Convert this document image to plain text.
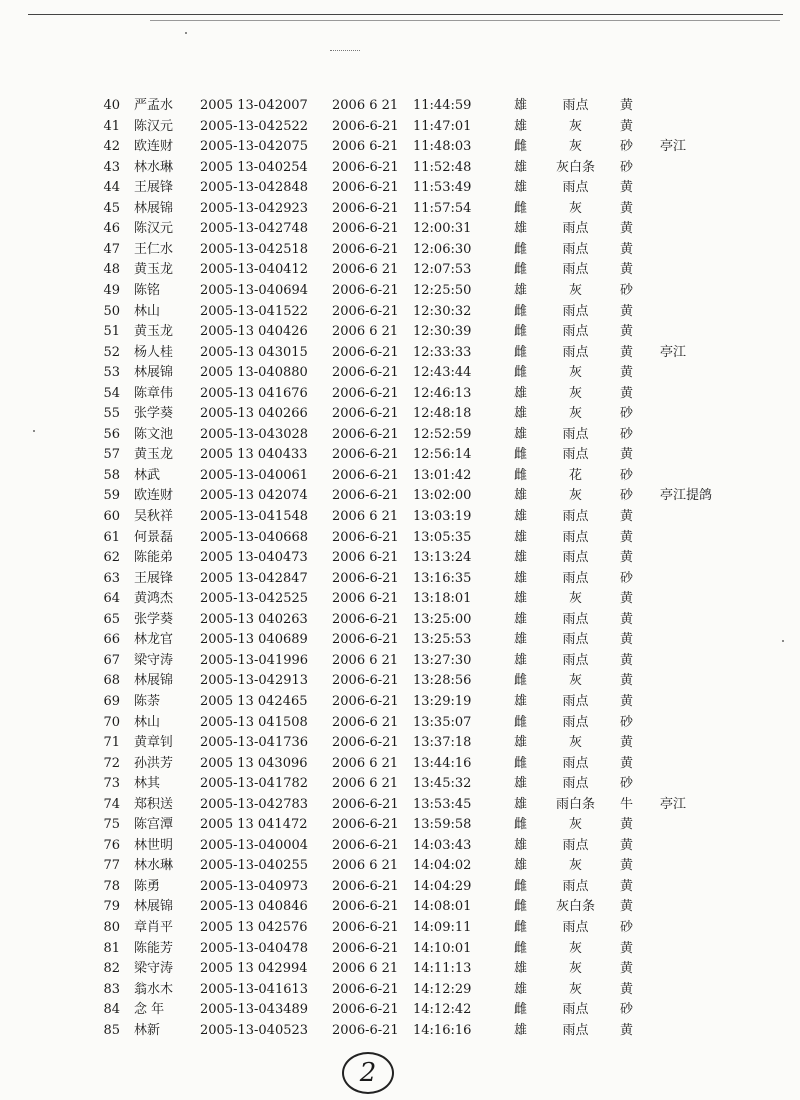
40 严孟水	2005 13-042007	2006 6 21	11:44:59	雄	雨点	黄
41 陈汉元	2005-13-042522	2006-6-21	11:47:01	雄	灰	黄
42 欧连财	2005-13-042075	2006 6-21	11:48:03	雌	灰	砂	亭江
43 林水琳	2005 13-040254	2006-6-21	11:52:48	雄	灰白条	砂
44 王展锋	2005-13-042848	2006-6-21	11:53:49	雄	雨点	黄
45 林展锦	2005-13-042923	2006-6-21	11:57:54	雌	灰	黄
46 陈汉元	2005-13-042748	2006-6-21	12:00:31	雄	雨点	黄
47 王仁水	2005-13-042518	2006-6-21	12:06:30	雌	雨点	黄
48 黄玉龙	2005-13-040412	2006-6 21	12:07:53	雌	雨点	黄
49 陈铭	2005-13-040694	2006-6-21	12:25:50	雄	灰	砂
50 林山	2005-13-041522	2006-6-21	12:30:32	雌	雨点	黄
51 黄玉龙	2005-13 040426	2006 6 21	12:30:39	雌	雨点	黄
52 杨人桂	2005-13 043015	2006-6-21	12:33:33	雌	雨点	黄	亭江
53 林展锦	2005 13-040880	2006-6-21	12:43:44	雌	灰	黄
54 陈章伟	2005-13 041676	2006-6-21	12:46:13	雄	灰	黄
55 张学葵	2005-13 040266	2006-6-21	12:48:18	雄	灰	砂
56 陈文池	2005-13-043028	2006-6-21	12:52:59	雄	雨点	砂
57 黄玉龙	2005 13 040433	2006-6-21	12:56:14	雌	雨点	黄
58 林武	2005-13-040061	2006-6-21	13:01:42	雌	花	砂
59 欧连财	2005-13 042074	2006-6-21	13:02:00	雄	灰	砂	亭江提鸽
60 吴秋祥	2005-13-041548	2006 6 21	13:03:19	雄	雨点	黄
61 何景磊	2005-13-040668	2006-6-21	13:05:35	雄	雨点	黄
62 陈能弟	2005 13-040473	2006 6-21	13:13:24	雄	雨点	黄
63 王展锋	2005 13-042847	2006-6-21	13:16:35	雄	雨点	砂
64 黄鸿杰	2005-13-042525	2006 6-21	13:18:01	雄	灰	黄
65 张学葵	2005-13 040263	2006-6-21	13:25:00	雄	雨点	黄
66 林龙官	2005-13 040689	2006-6-21	13:25:53	雄	雨点	黄
67 梁守涛	2005-13-041996	2006 6 21	13:27:30	雄	雨点	黄
68 林展锦	2005-13-042913	2006-6-21	13:28:56	雌	灰	黄
69 陈荼	2005 13 042465	2006-6-21	13:29:19	雄	雨点	黄
70 林山	2005-13 041508	2006-6 21	13:35:07	雌	雨点	砂
71 黄章钊	2005-13-041736	2006-6-21	13:37:18	雄	灰	黄
72 孙洪芳	2005 13 043096	2006 6 21	13:44:16	雌	雨点	黄
73 林其	2005-13-041782	2006 6 21	13:45:32	雄	雨点	砂
74 郑积送	2005-13-042783	2006-6-21	13:53:45	雄	雨白条	牛	亭江
75 陈宫潭	2005 13 041472	2006-6-21	13:59:58	雌	灰	黄
76 林世明	2005-13-040004	2006-6-21	14:03:43	雄	雨点	黄
77 林水琳	2005-13-040255	2006 6 21	14:04:02	雄	灰	黄
78 陈勇	2005-13-040973	2006-6-21	14:04:29	雌	雨点	黄
79 林展锦	2005-13 040846	2006-6-21	14:08:01	雌	灰白条	黄
80 章肖平	2005 13 042576	2006-6-21	14:09:11	雌	雨点	砂
81 陈能芳	2005-13-040478	2006-6-21	14:10:01	雌	灰	黄
82 梁守涛	2005 13 042994	2006 6 21	14:11:13	雄	灰	黄
83 翁水木	2005-13-041613	2006-6-21	14:12:29	雄	灰	黄
84 念 年	2005-13-043489	2006-6-21	14:12:42	雌	雨点	砂
85 林新	2005-13-040523	2006-6-21	14:16:16	雄	雨点	黄
2
